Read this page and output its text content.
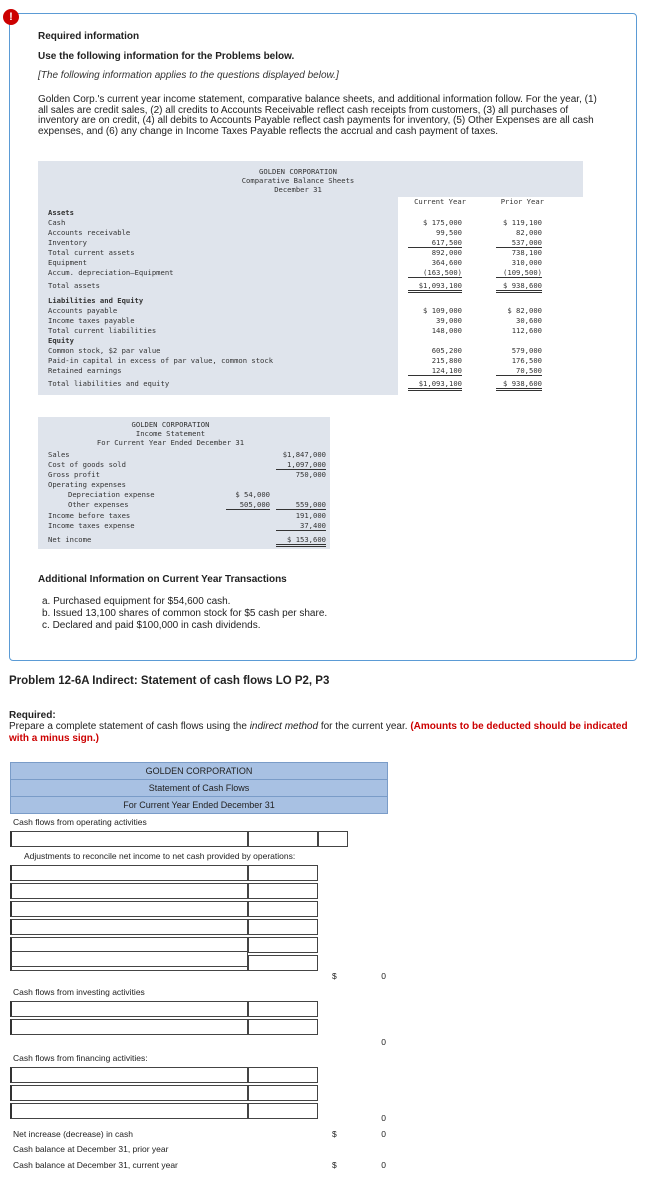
!
Required information
Use the following information for the Problems below.
[The following information applies to the questions displayed below.]
Golden Corp.'s current year income statement, comparative balance sheets, and additional information follow. For the year, (1) all sales are credit sales, (2) all credits to Accounts Receivable reflect cash receipts from customers, (3) all purchases of inventory are on credit, (4) all debits to Accounts Payable reflect cash payments for inventory, (5) Other Expenses are all cash expenses, and (6) any change in Income Taxes Payable reflects the accrual and cash payment of taxes.
GOLDEN CORPORATION
Comparative Balance Sheets
December 31
Current Year	Prior Year
Assets
Cash	$ 175,000	$ 119,100
Accounts receivable	99,500	82,000
Inventory	617,500	537,000
Total current assets	892,000	738,100
Equipment	364,600	310,000
Accum. depreciation–Equipment	(163,500)	(109,500)
Total assets	$1,093,100	$ 938,600
Liabilities and Equity
Accounts payable	$ 109,000	$ 82,000
Income taxes payable	39,000	30,600
Total current liabilities	148,000	112,600
Equity
Common stock, $2 par value	605,200	579,000
Paid-in capital in excess of par value, common stock	215,800	176,500
Retained earnings	124,100	70,500
Total liabilities and equity	$1,093,100	$ 938,600
GOLDEN CORPORATION
Income Statement
For Current Year Ended December 31
Sales	$1,847,000
Cost of goods sold	1,097,000
Gross profit	750,000
Operating expenses
Depreciation expense	$ 54,000
Other expenses	505,000	559,000
Income before taxes	191,000
Income taxes expense	37,400
Net income	$ 153,600
Additional Information on Current Year Transactions
a. Purchased equipment for $54,600 cash.
b. Issued 13,100 shares of common stock for $5 cash per share.
c. Declared and paid $100,000 in cash dividends.
Problem 12-6A Indirect: Statement of cash flows LO P2, P3
Required:
Prepare a complete statement of cash flows using the indirect method for the current year. (Amounts to be deducted should be indicated with a minus sign.)
GOLDEN CORPORATION
Statement of Cash Flows
For Current Year Ended December 31
Cash flows from operating activities
Adjustments to reconcile net income to net cash provided by operations:
$	0
Cash flows from investing activities
0
Cash flows from financing activities:
0
Net increase (decrease) in cash	$	0
Cash balance at December 31, prior year
Cash balance at December 31, current year	$	0
